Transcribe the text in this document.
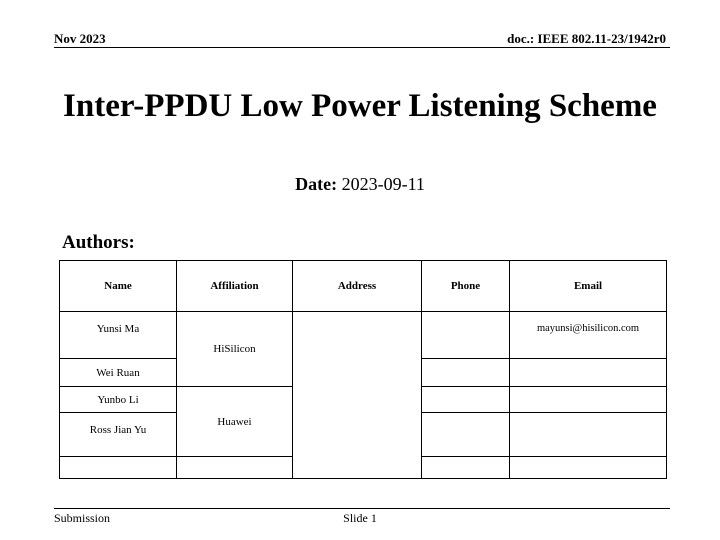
Nov 2023	doc.: IEEE 802.11-23/1942r0
Inter-PPDU Low Power Listening Scheme
Date: 2023-09-11
Authors:
Name	Affiliation	Address	Phone	Email
Yunsi Ma	HiSilicon			mayunsi@hisilicon.com
Wei Ruan				
Yunbo Li	Huawei			
Ross Jian Yu				

Submission	Slide 1
